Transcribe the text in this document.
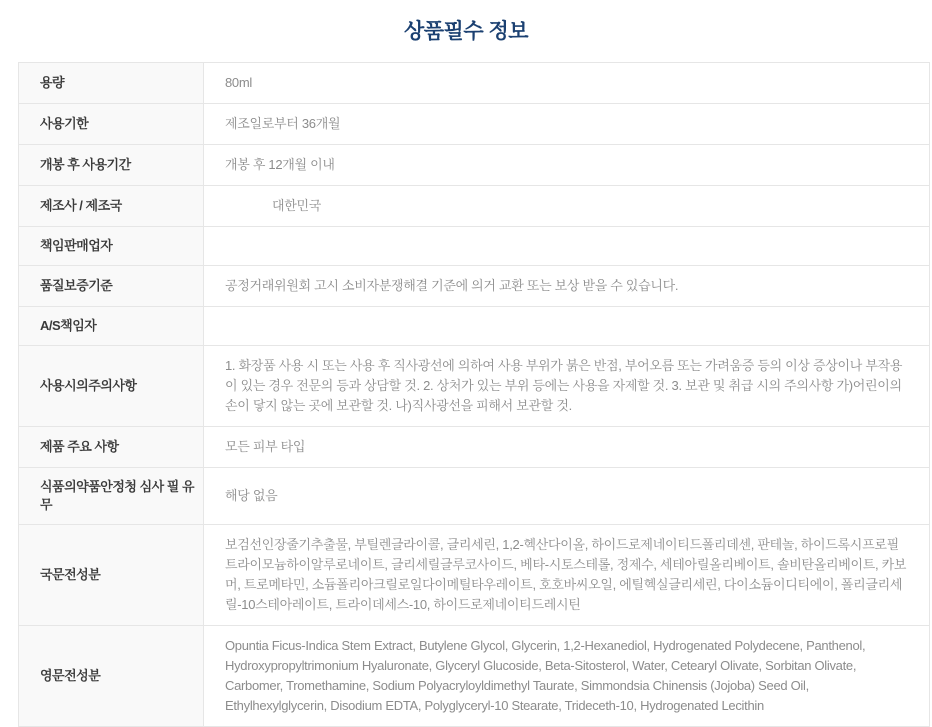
상품필수 정보
용량	80ml
사용기한	제조일로부터 36개월
개봉 후 사용기간	개봉 후 12개월 이내
제조사 / 제조국	대한민국
책임판매업자	
품질보증기준	공정거래위원회 고시 소비자분쟁해결 기준에 의거 교환 또는 보상 받을 수 있습니다.
A/S책임자	
사용시의주의사항	1. 화장품 사용 시 또는 사용 후 직사광선에 의하여 사용 부위가 붉은 반점, 부어오름 또는 가려움증 등의 이상 증상이나 부작용이 있는 경우 전문의 등과 상담할 것. 2. 상처가 있는 부위 등에는 사용을 자제할 것. 3. 보관 및 취급 시의 주의사항 가)어린이의 손이 닿지 않는 곳에 보관할 것. 나)직사광선을 피해서 보관할 것.
제품 주요 사항	모든 피부 타입
식품의약품안정청 심사 필 유무	해당 없음
국문전성분	보검선인장줄기추출물, 부틸렌글라이콜, 글리세린, 1,2-헥산다이올, 하이드로제네이티드폴리데센, 판테놀, 하이드록시프로필트라이모늄하이알루로네이트, 글리세릴글루코사이드, 베타-시토스테롤, 정제수, 세테아릴올리베이트, 솔비탄올리베이트, 카보머, 트로메타민, 소듐폴리아크릴로일다이메틸타우레이트, 호호바씨오일, 에틸헥실글리세린, 다이소듐이디티에이, 폴리글리세릴-10스테아레이트, 트라이데세스-10, 하이드로제네이티드레시틴
영문전성분	Opuntia Ficus-Indica Stem Extract, Butylene Glycol, Glycerin, 1,2-Hexanediol, Hydrogenated Polydecene, Panthenol, Hydroxypropyltrimonium Hyaluronate, Glyceryl Glucoside, Beta-Sitosterol, Water, Cetearyl Olivate, Sorbitan Olivate, Carbomer, Tromethamine, Sodium Polyacryloyldimethyl Taurate, Simmondsia Chinensis (Jojoba) Seed Oil, Ethylhexylglycerin, Disodium EDTA, Polyglyceryl-10 Stearate, Trideceth-10, Hydrogenated Lecithin
